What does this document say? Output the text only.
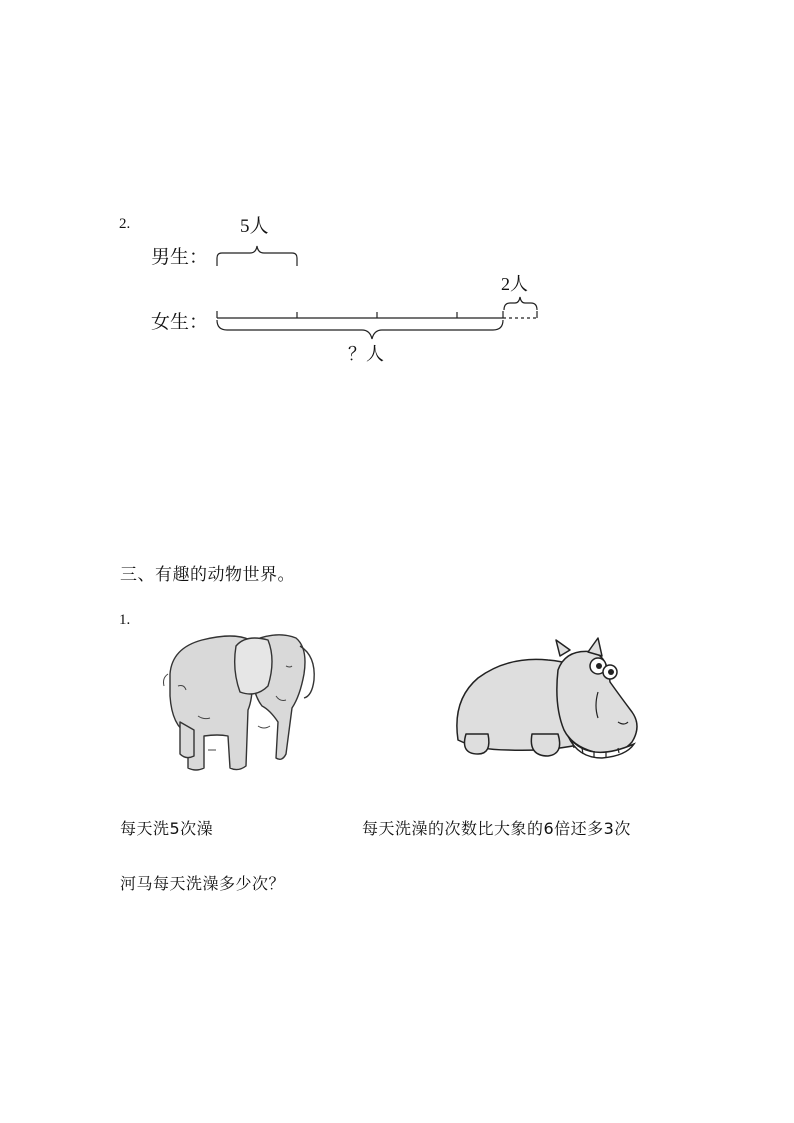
2.
男生：
5人
女生：
2人
？人
三、有趣的动物世界。
1.
每天洗5次澡	每天洗澡的次数比大象的6倍还多3次
河马每天洗澡多少次？
